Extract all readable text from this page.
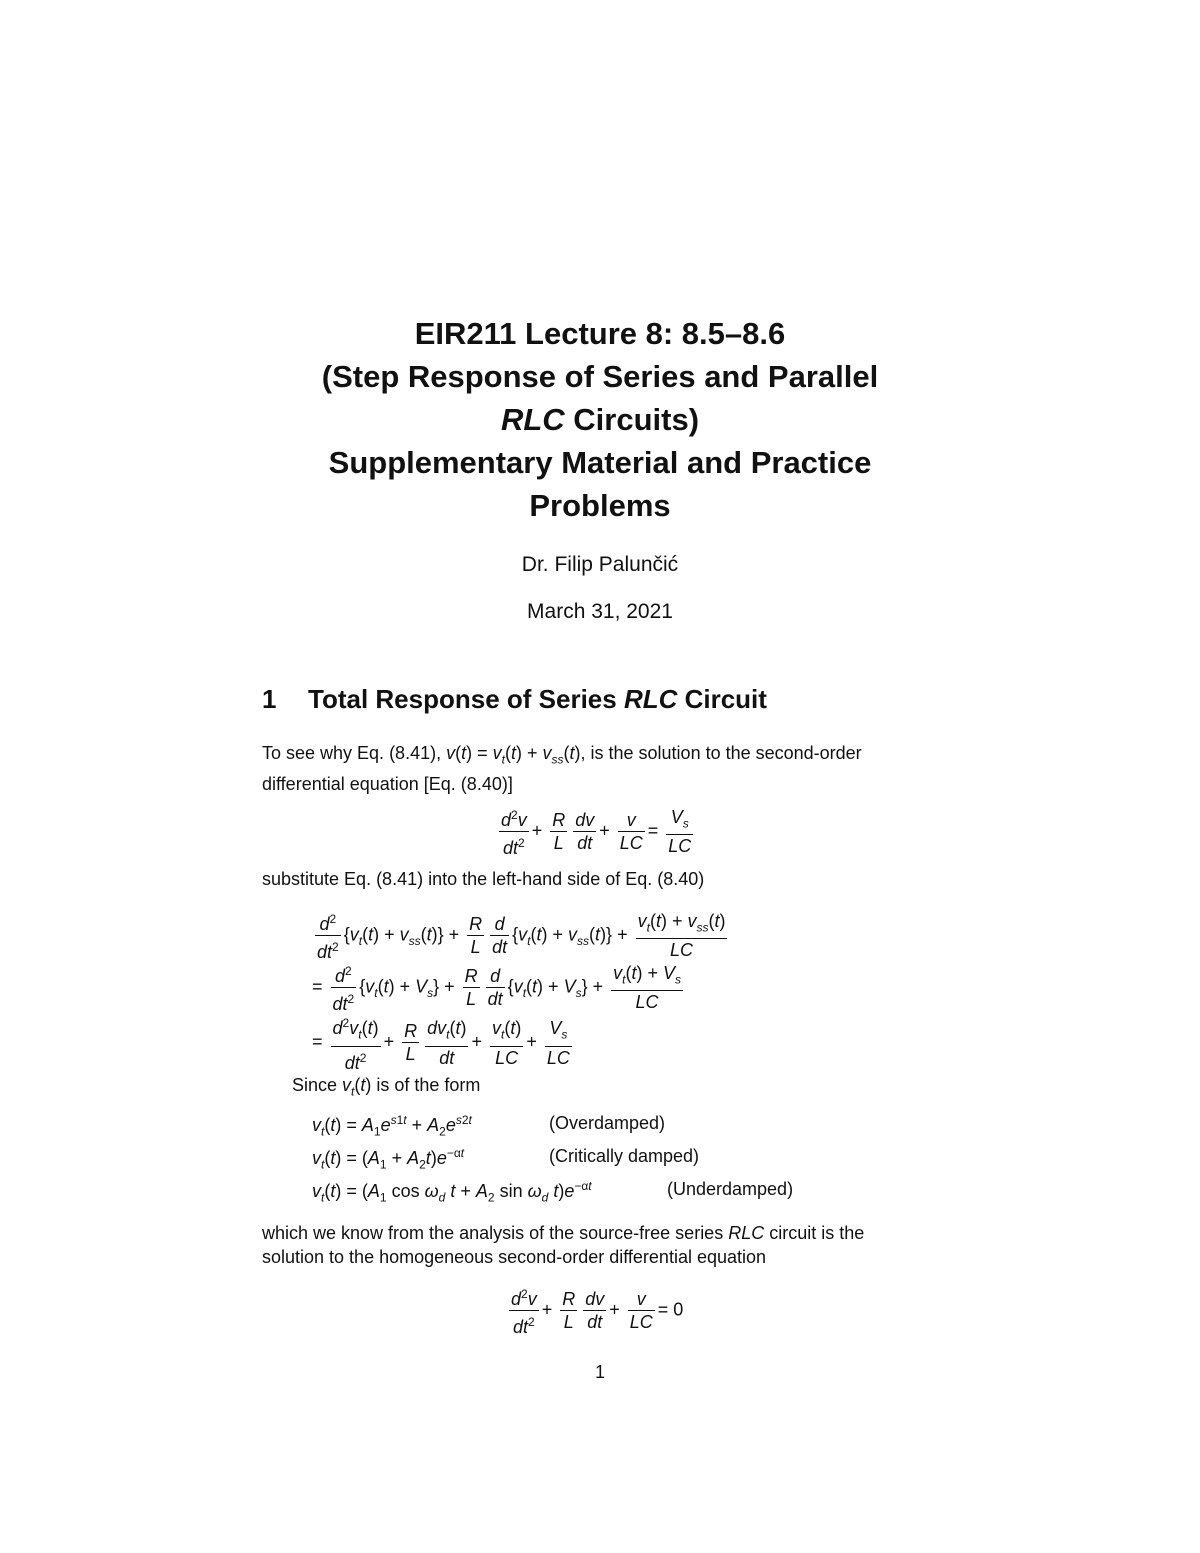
EIR211 Lecture 8: 8.5–8.6

(Step Response of Series and Parallel

RLC Circuits)

Supplementary Material and Practice

Problems

Dr. Filip Palunčić
March 31, 2021
1 Total Response of Series RLC Circuit
To see why Eq. (8.41), $v(t) = v_t(t) + v_{ss}(t)$, is the solution to the second-order
differential equation [Eq. (8.40)]
$\frac{d^2v}{dt^2} + \frac{R}{L} \frac{dv}{dt} + \frac{v}{LC} = \frac{V_s}{LC}$
substitute Eq. (8.41) into the left-hand side of Eq. (8.40)
$\frac{d^2}{dt^2} \{v_t(t) + v_{ss}(t)\} + \frac{R}{L} \frac{d}{dt} \{v_t(t) + v_{ss}(t)\} + \frac{v_t(t) + v_{ss}(t)}{LC}$
= $\frac{d^2}{dt^2} \{v_t(t) + V_s\} + \frac{R}{L} \frac{d}{dt} \{v_t(t) + V_s\} + \frac{v_t(t) + V_s}{LC}$
= $\frac{d^2v_t(t)}{dt^2} + \frac{R}{L} \frac{dv_t(t)}{dt} + \frac{v_t(t)}{LC} + \frac{V_s}{LC}$
Since $v_t(t)$ is of the form
$v_t(t) = A_1e^{s1t} + A_2e^{s2t}$	(Overdamped)
$v_t(t) = (A_1 + A_2t)e^{-\alpha t}$	(Critically damped)
$v_t(t) = (A_1$ $\cos \omega_d$ $t + A_2$ $\sin \omega_d$ $t)e^{-\alpha t}$	(Underdamped)
which we know from the analysis of the source-free series RLC circuit is the
solution to the homogeneous second-order differential equation
$\frac{d^2v}{dt^2} + \frac{R}{L} \frac{dv}{dt} + \frac{v}{LC} = 0$
1
